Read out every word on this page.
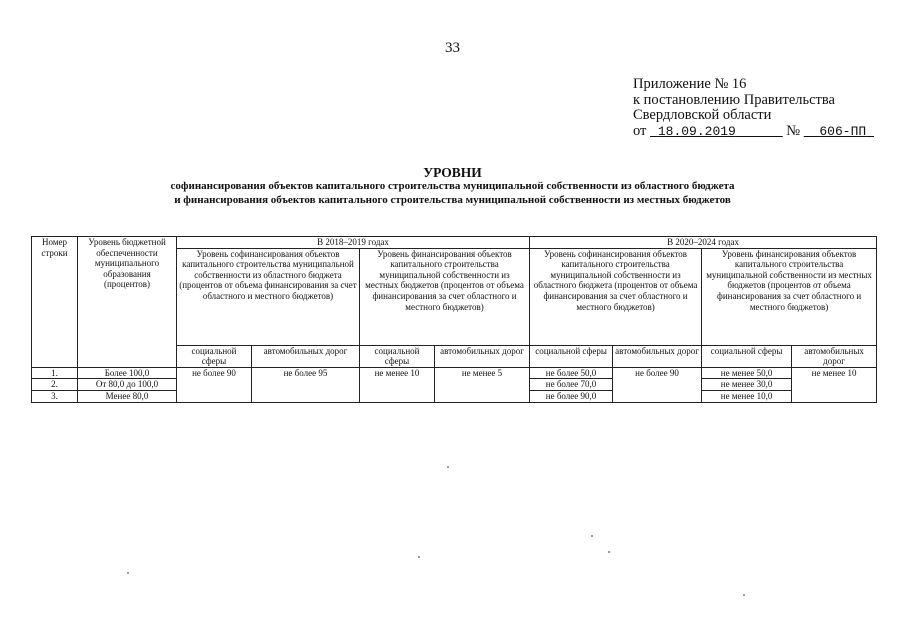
33
Приложение № 16
к постановлению Правительства
Свердловской области
от 18.09.2019	№ 606-ПП
УРОВНИ
софинансирования объектов капитального строительства муниципальной собственности из областного бюджета
и финансирования объектов капитального строительства муниципальной собственности из местных бюджетов
Номер строки	Уровень бюджетной обеспеченности муниципального образования (процентов)	В 2018–2019 годах				В 2020–2024 годах			
		Уровень софинансирования объектов капитального строительства муниципальной собственности из областного бюджета (процентов от объема финансирования за счет областного и местного бюджетов)		Уровень финансирования объектов капитального строительства муниципальной собственности из местных бюджетов (процентов от объема финансирования за счет областного и местного бюджетов)		Уровень софинансирования объектов капитального строительства муниципальной собственности из областного бюджета (процентов от объема финансирования за счет областного и местного бюджетов)		Уровень финансирования объектов капитального строительства муниципальной собственности из местных бюджетов (процентов от объема финансирования за счет областного и местного бюджетов)	
		социальной сферы	автомобильных дорог	социальной сферы	автомобильных дорог	социальной сферы	автомобильных дорог	социальной сферы	автомобильных дорог
1.	Более 100,0	не более 90	не более 95	не менее 10	не менее 5	не более 50,0	не более 90	не менее 50,0	не менее 10
2.	От 80,0 до 100,0					не более 70,0		не менее 30,0	
3.	Менее 80,0					не более 90,0		не менее 10,0	
